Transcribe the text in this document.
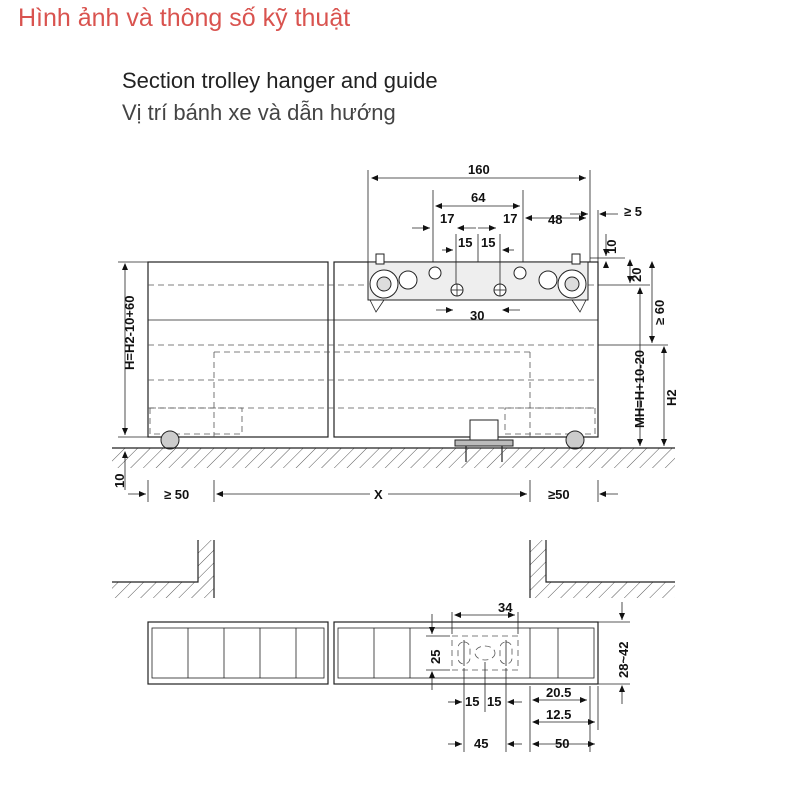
Hình ảnh và thông số kỹ thuật
Section trolley hanger and guide
Vị trí bánh xe và dẫn hướng
160
64
17	17 48
≥ 5
15 15	10
20
30	≥ 60
MH=H+10-20 H2
H=H2-10+60
10
≥ 50	X	≥50
34
25	28~42
15 15
20.5
12.5
45	50
